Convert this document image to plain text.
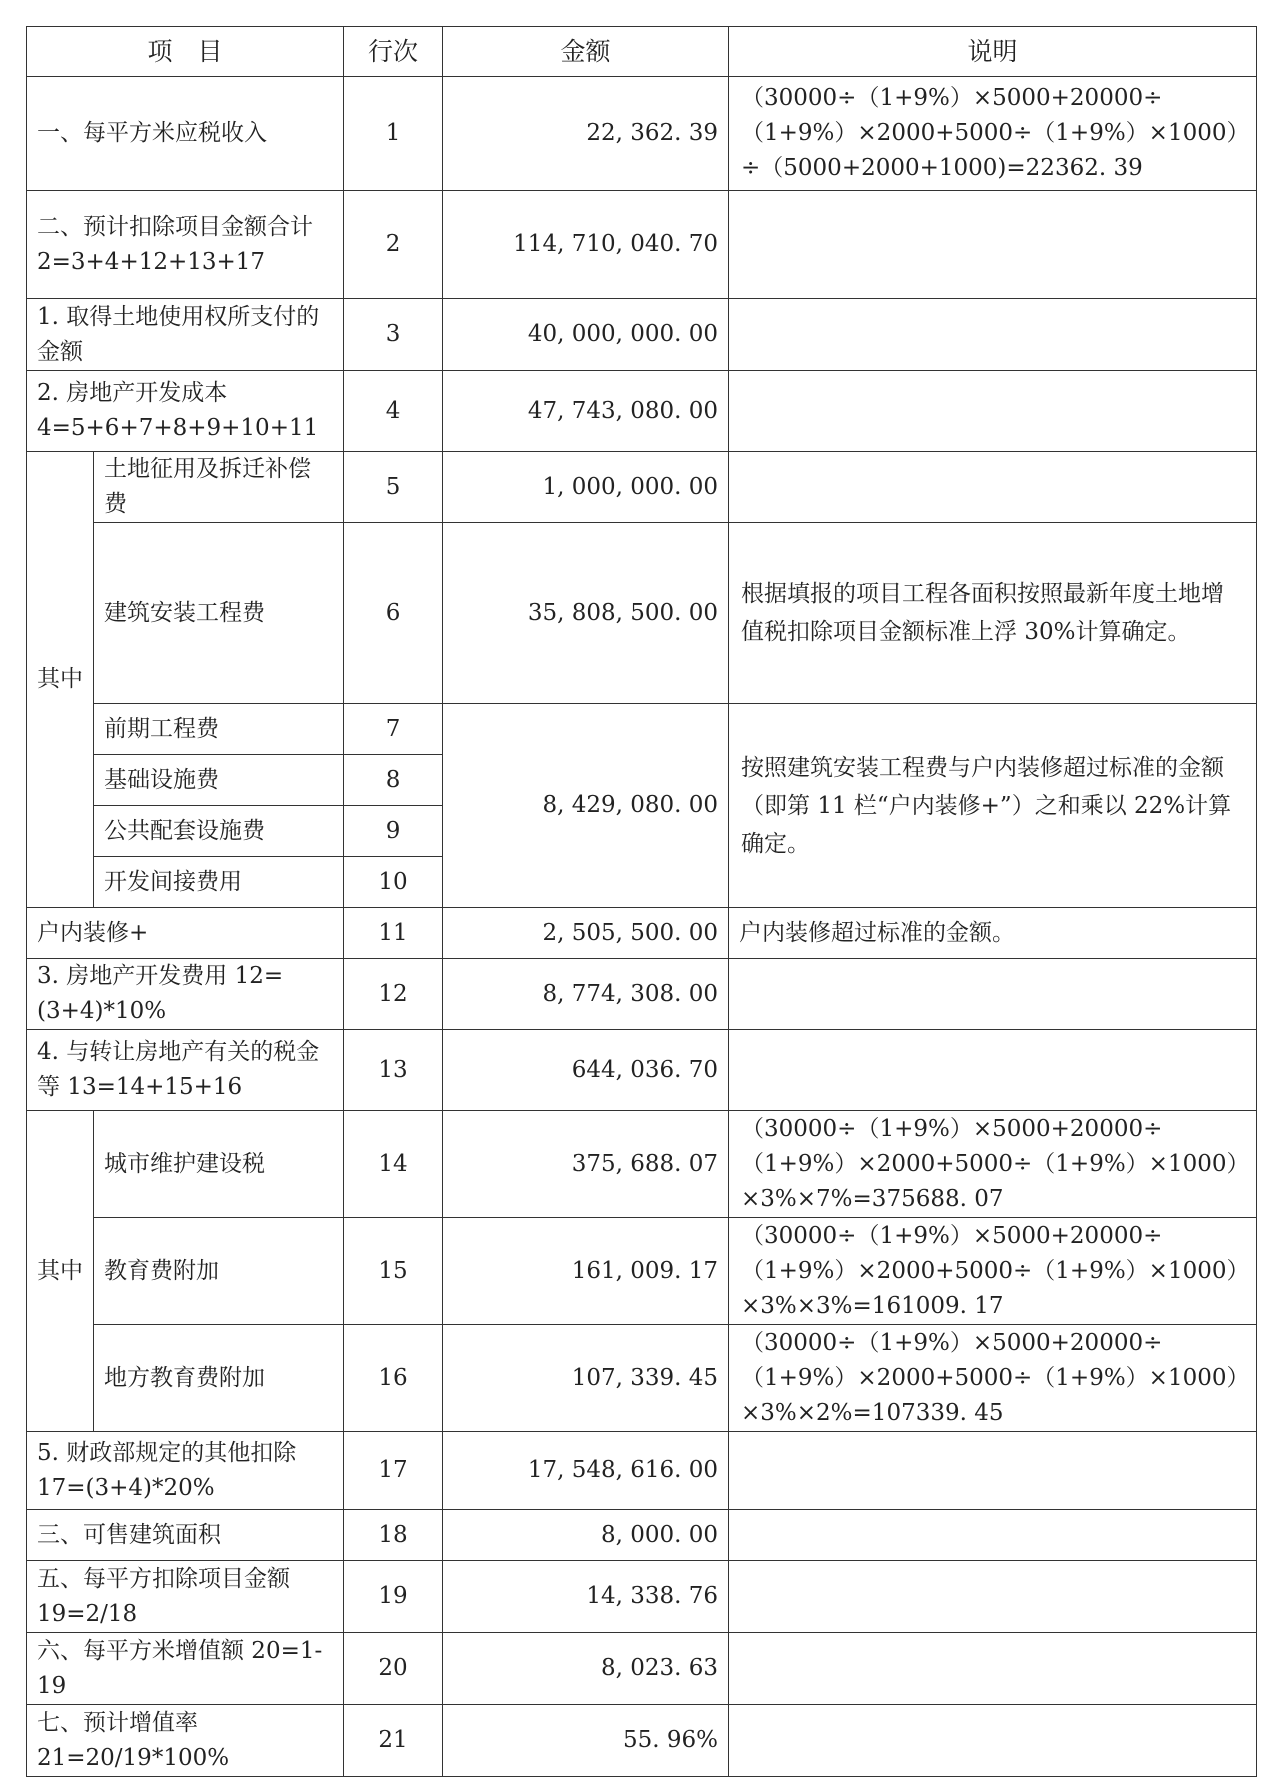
项　目		行次	金额	说明
一、每平方米应税收入		1	22, 362. 39	（30000÷（1+9%）×5000+20000÷（1+9%）×2000+5000÷（1+9%）×1000）÷（5000+2000+1000)=22362. 39
二、预计扣除项目金额合计 2=3+4+12+13+17		2	114, 710, 040. 70	
1. 取得土地使用权所支付的金额		3	40, 000, 000. 00	
2. 房地产开发成本 4=5+6+7+8+9+10+11		4	47, 743, 080. 00	

其中	土地征用及拆迁补偿费	5	1, 000, 000. 00	
	建筑安装工程费	6	35, 808, 500. 00	根据填报的项目工程各面积按照最新年度土地增值税扣除项目金额标准上浮 30%计算确定。
	前期工程费	7	8, 429, 080. 00	按照建筑安装工程费与户内装修超过标准的金额（即第 11 栏“户内装修+”）之和乘以 22%计算确定。
	基础设施费	8		
	公共配套设施费	9		
	开发间接费用	10		
户内装修+		11	2, 505, 500. 00	户内装修超过标准的金额。
3. 房地产开发费用 12=(3+4)*10%		12	8, 774, 308. 00	
4. 与转让房地产有关的税金等 13=14+15+16		13	644, 036. 70	

其中	城市维护建设税	14	375, 688. 07	（30000÷（1+9%）×5000+20000÷（1+9%）×2000+5000÷（1+9%）×1000）×3%×7%=375688. 07
	教育费附加	15	161, 009. 17	（30000÷（1+9%）×5000+20000÷（1+9%）×2000+5000÷（1+9%）×1000）×3%×3%=161009. 17
	地方教育费附加	16	107, 339. 45	（30000÷（1+9%）×5000+20000÷（1+9%）×2000+5000÷（1+9%）×1000）×3%×2%=107339. 45
5. 财政部规定的其他扣除 17=(3+4)*20%		17	17, 548, 616. 00	
三、可售建筑面积		18	8, 000. 00	
五、每平方扣除项目金额 19=2/18		19	14, 338. 76	
六、每平方米增值额 20=1-19		20	8, 023. 63	
七、预计增值率 21=20/19*100%		21	55. 96%	
